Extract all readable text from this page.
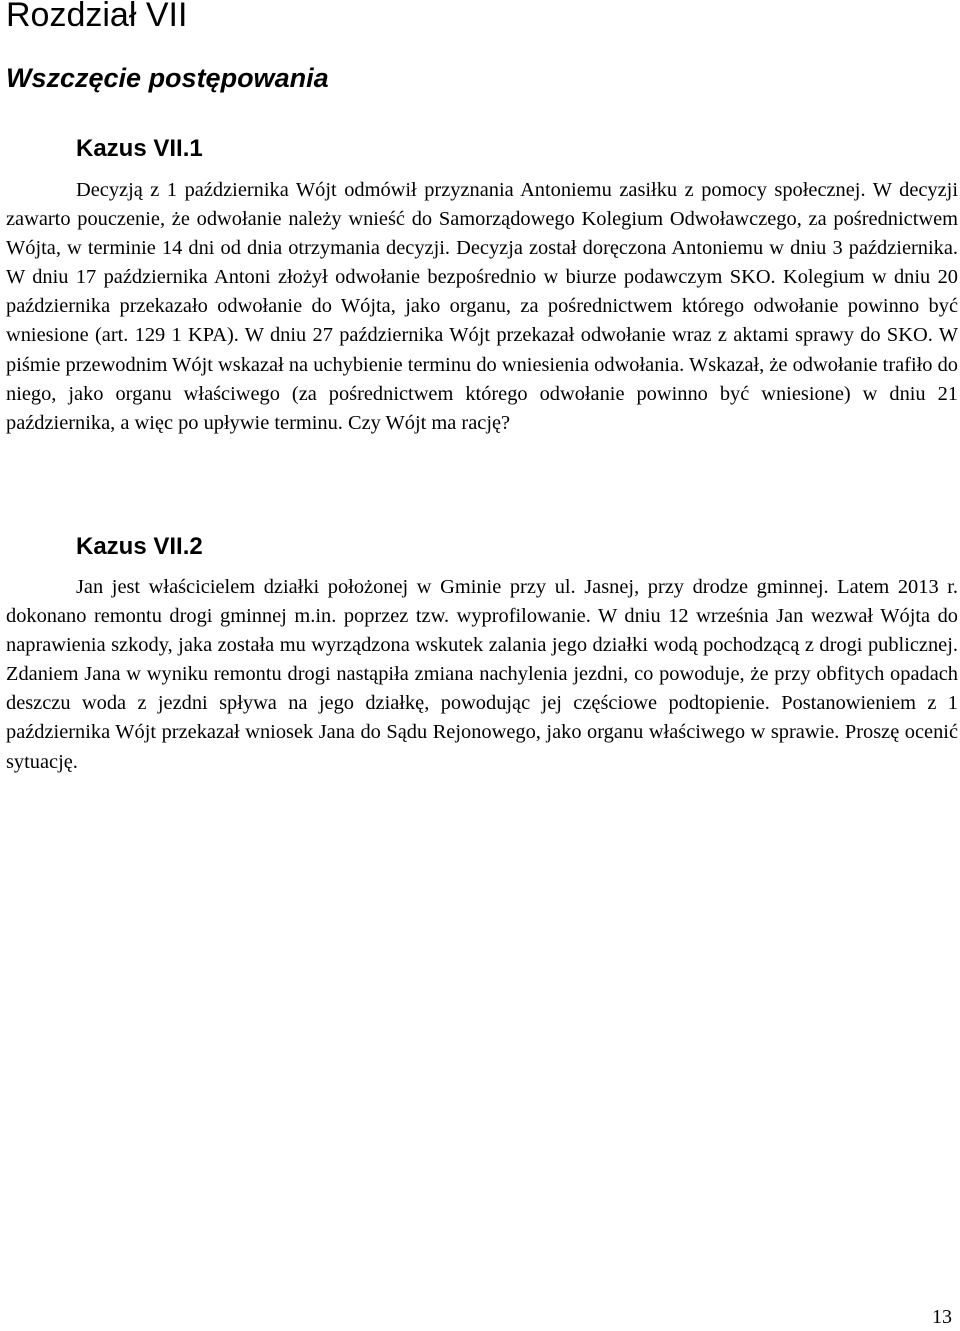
Rozdział VII
Wszczęcie postępowania
Kazus VII.1

Decyzją z 1 października Wójt odmówił przyznania Antoniemu zasiłku z pomocy społecznej. W decyzji zawarto pouczenie, że odwołanie należy wnieść do Samorządowego Kolegium Odwoławczego, za pośrednictwem Wójta, w terminie 14 dni od dnia otrzymania decyzji. Decyzja został doręczona Antoniemu w dniu 3 października. W dniu 17 października Antoni złożył odwołanie bezpośrednio w biurze podawczym SKO. Kolegium w dniu 20 października przekazało odwołanie do Wójta, jako organu, za pośrednictwem którego odwołanie powinno być wniesione (art. 129 1 KPA). W dniu 27 października Wójt przekazał odwołanie wraz z aktami sprawy do SKO. W piśmie przewodnim Wójt wskazał na uchybienie terminu do wniesienia odwołania. Wskazał, że odwołanie trafiło do niego, jako organu właściwego (za pośrednictwem którego odwołanie powinno być wniesione) w dniu 21 października, a więc po upływie terminu. Czy Wójt ma rację?

Kazus VII.2

Jan jest właścicielem działki położonej w Gminie przy ul. Jasnej, przy drodze gminnej. Latem 2013 r. dokonano remontu drogi gminnej m.in. poprzez tzw. wyprofilowanie. W dniu 12 września Jan wezwał Wójta do naprawienia szkody, jaka została mu wyrządzona wskutek zalania jego działki wodą pochodzącą z drogi publicznej. Zdaniem Jana w wyniku remontu drogi nastąpiła zmiana nachylenia jezdni, co powoduje, że przy obfitych opadach deszczu woda z jezdni spływa na jego działkę, powodując jej częściowe podtopienie. Postanowieniem z 1 października Wójt przekazał wniosek Jana do Sądu Rejonowego, jako organu właściwego w sprawie. Proszę ocenić sytuację.

13
